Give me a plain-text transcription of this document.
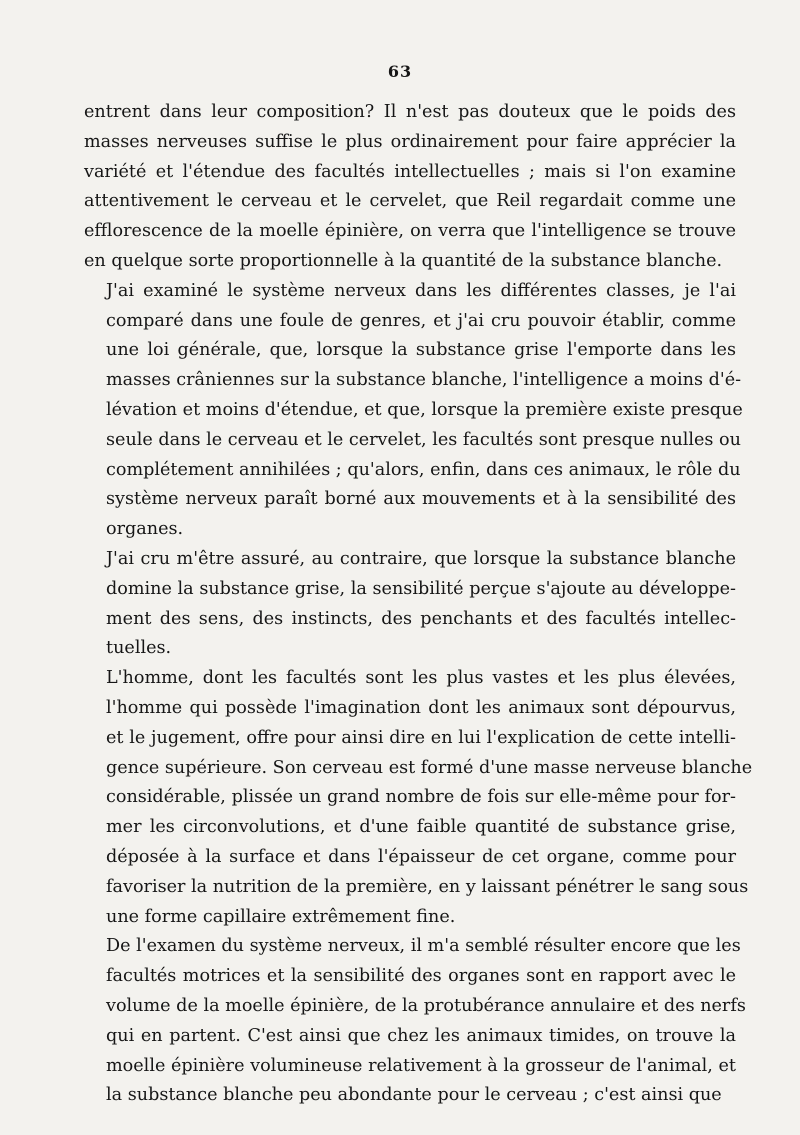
63

entrent dans leur composition? Il n'est pas douteux que le poids des
masses nerveuses suffise le plus ordinairement pour faire apprécier la
variété et l'étendue des facultés intellectuelles ; mais si l'on examine
attentivement le cerveau et le cervelet, que Reil regardait comme une
efflorescence de la moelle épinière, on verra que l'intelligence se trouve
en quelque sorte proportionnelle à la quantité de la substance blanche.

J'ai examiné le système nerveux dans les différentes classes, je l'ai
comparé dans une foule de genres, et j'ai cru pouvoir établir, comme
une loi générale, que, lorsque la substance grise l'emporte dans les
masses crâniennes sur la substance blanche, l'intelligence a moins d'é-
lévation et moins d'étendue, et que, lorsque la première existe presque
seule dans le cerveau et le cervelet, les facultés sont presque nulles ou
complétement annihilées ; qu'alors, enfin, dans ces animaux, le rôle du
système nerveux paraît borné aux mouvements et à la sensibilité des
organes.

J'ai cru m'être assuré, au contraire, que lorsque la substance blanche
domine la substance grise, la sensibilité perçue s'ajoute au développe-
ment des sens, des instincts, des penchants et des facultés intellec-
tuelles.

L'homme, dont les facultés sont les plus vastes et les plus élevées,
l'homme qui possède l'imagination dont les animaux sont dépourvus,
et le jugement, offre pour ainsi dire en lui l'explication de cette intelli-
gence supérieure. Son cerveau est formé d'une masse nerveuse blanche
considérable, plissée un grand nombre de fois sur elle-même pour for-
mer les circonvolutions, et d'une faible quantité de substance grise,
déposée à la surface et dans l'épaisseur de cet organe, comme pour
favoriser la nutrition de la première, en y laissant pénétrer le sang sous
une forme capillaire extrêmement fine.

De l'examen du système nerveux, il m'a semblé résulter encore que les
facultés motrices et la sensibilité des organes sont en rapport avec le
volume de la moelle épinière, de la protubérance annulaire et des nerfs
qui en partent. C'est ainsi que chez les animaux timides, on trouve la
moelle épinière volumineuse relativement à la grosseur de l'animal, et
la substance blanche peu abondante pour le cerveau ; c'est ainsi que
